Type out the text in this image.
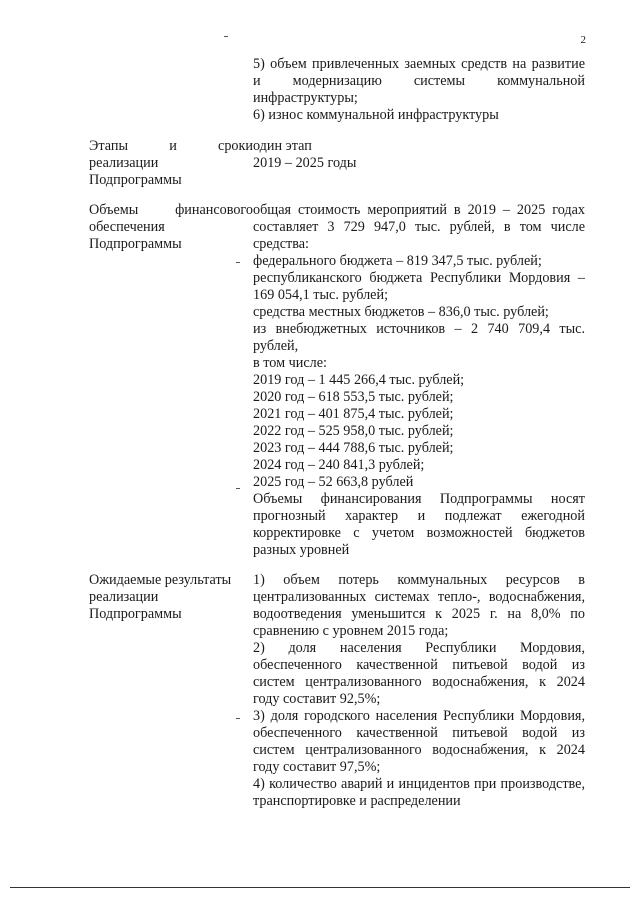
2

5) объем привлеченных заемных средств на развитие и модернизацию системы коммунальной инфраструктуры;

6) износ коммунальной инфраструктуры

Этапы и сроки
реализации
Подпрограммы

один этап

2019 – 2025 годы

Объемы финансового
обеспечения
Подпрограммы

общая стоимость мероприятий в 2019 – 2025 годах составляет 3 729 947,0 тыс. рублей, в том числе средства:

федерального бюджета – 819 347,5 тыс. рублей;

республиканского бюджета Республики Мордовия – 169 054,1 тыс. рублей;

средства местных бюджетов – 836,0 тыс. рублей;

из внебюджетных источников – 2 740 709,4 тыс. рублей,

в том числе:

2019 год – 1 445 266,4 тыс. рублей;

2020 год – 618 553,5 тыс. рублей;

2021 год – 401 875,4 тыс. рублей;

2022 год – 525 958,0 тыс. рублей;

2023 год – 444 788,6 тыс. рублей;

2024 год – 240 841,3 рублей;

2025 год – 52 663,8 рублей

Объемы финансирования Подпрограммы носят прогнозный характер и подлежат ежегодной корректировке с учетом возможностей бюджетов разных уровней

Ожидаемые результаты
реализации
Подпрограммы

1) объем потерь коммунальных ресурсов в централизованных системах тепло-, водоснабжения, водоотведения уменьшится к 2025 г. на 8,0% по сравнению с уровнем 2015 года;

2) доля населения Республики Мордовия, обеспеченного качественной питьевой водой из систем централизованного водоснабжения, к 2024 году составит 92,5%;

3) доля городского населения Республики Мордовия, обеспеченного качественной питьевой водой из систем централизованного водоснабжения, к 2024 году составит 97,5%;

4) количество аварий и инцидентов при производстве, транспортировке и распределении
